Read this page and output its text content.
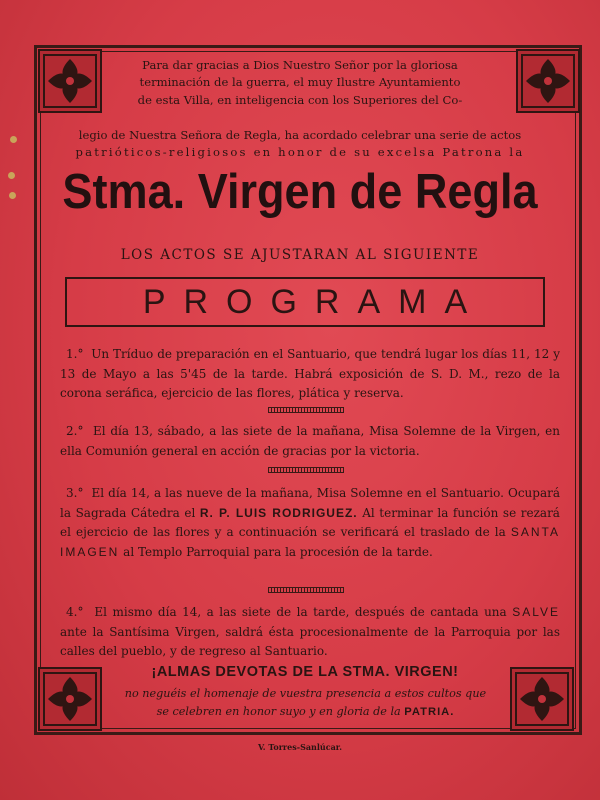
Para dar gracias a Dios Nuestro Señor por la gloriosa
terminación de la guerra, el muy Ilustre Ayuntamiento
de esta Villa, en inteligencia con los Superiores del Co-
legio de Nuestra Señora de Regla, ha acordado celebrar una serie de actos
patrióticos-religiosos en honor de su excelsa Patrona la
Stma. Virgen de Regla
LOS ACTOS SE AJUSTARAN AL SIGUIENTE
PROGRAMA
1.° Un Tríduo de preparación en el Santuario, que tendrá lugar los días 11, 12 y 13 de Mayo a las 5'45 de la tarde. Habrá exposición de S. D. M., rezo de la corona seráfica, ejercicio de las flores, plática y reserva.
2.° El día 13, sábado, a las siete de la mañana, Misa Solemne de la Virgen, en ella Comunión general en acción de gracias por la victoria.
3.° El día 14, a las nueve de la mañana, Misa Solemne en el Santuario. Ocupará la Sagrada Cátedra el R. P. LUIS RODRIGUEZ. Al terminar la función se rezará el ejercicio de las flores y a continuación se verificará el traslado de la SANTA IMAGEN al Templo Parroquial para la procesión de la tarde.
4.° El mismo día 14, a las siete de la tarde, después de cantada una SALVE ante la Santísima Virgen, saldrá ésta procesionalmente de la Parroquia por las calles del pueblo, y de regreso al Santuario.
¡ALMAS DEVOTAS DE LA STMA. VIRGEN!
no neguéis el homenaje de vuestra presencia a estos cultos que
se celebren en honor suyo y en gloria de la PATRIA.
V. Torres-Sanlúcar.
